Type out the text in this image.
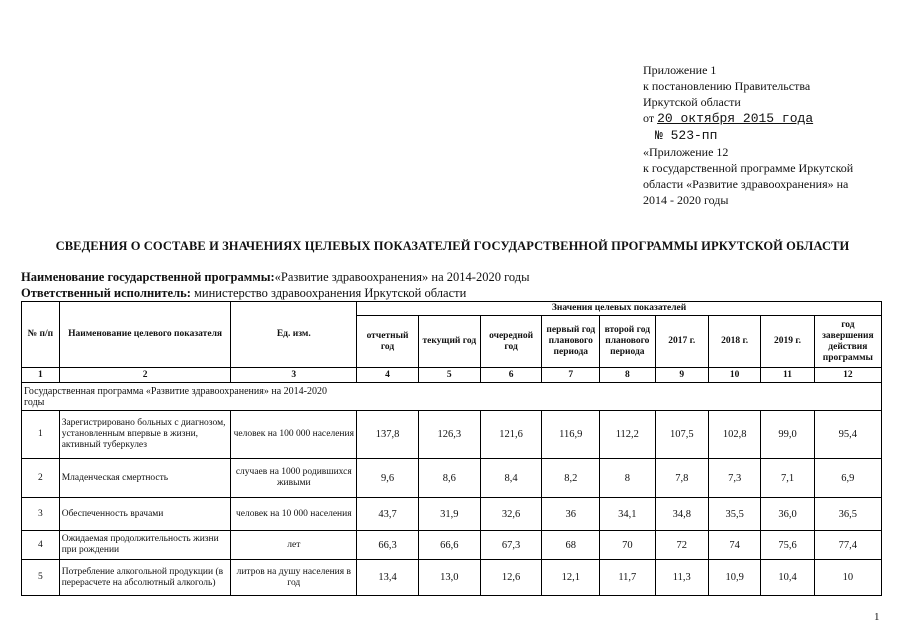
Приложение 1
к постановлению Правительства
Иркутской области
от 20 октября 2015 года
№ 523-пп
«Приложение 12
к государственной программе Иркутской
области «Развитие здравоохранения» на
2014 - 2020 годы
СВЕДЕНИЯ О СОСТАВЕ И ЗНАЧЕНИЯХ ЦЕЛЕВЫХ ПОКАЗАТЕЛЕЙ ГОСУДАРСТВЕННОЙ ПРОГРАММЫ ИРКУТСКОЙ ОБЛАСТИ
Наименование государственной программы:«Развитие здравоохранения» на 2014-2020 годы
Ответственный исполнитель: министерство здравоохранения Иркутской области
№ п/п	Наименование целевого показателя	Ед. изм.	Значения целевых показателей								
			отчетный год	текущий год	очередной год	первый год планового периода	второй год планового периода	2017 г.	2018 г.	2019 г.	год завершения действия программы
1	2	3	4	5	6	7	8	9	10	11	12

Государственная программа «Развитие здравоохранения» на 2014-2020 годы											

1	Зарегистрировано больных с диагнозом, установленным впервые в жизни, активный туберкулез	человек на 100 000 населения	137,8	126,3	121,6	116,9	112,2	107,5	102,8	99,0	95,4
2	Младенческая смертность	случаев на 1000 родившихся живыми	9,6	8,6	8,4	8,2	8	7,8	7,3	7,1	6,9
3	Обеспеченность врачами	человек на 10 000 населения	43,7	31,9	32,6	36	34,1	34,8	35,5	36,0	36,5
4	Ожидаемая продолжительность жизни при рождении	лет	66,3	66,6	67,3	68	70	72	74	75,6	77,4
5	Потребление алкогольной продукции (в перерасчете на абсолютный алкоголь)	литров на душу населения в год	13,4	13,0	12,6	12,1	11,7	11,3	10,9	10,4	10
1
